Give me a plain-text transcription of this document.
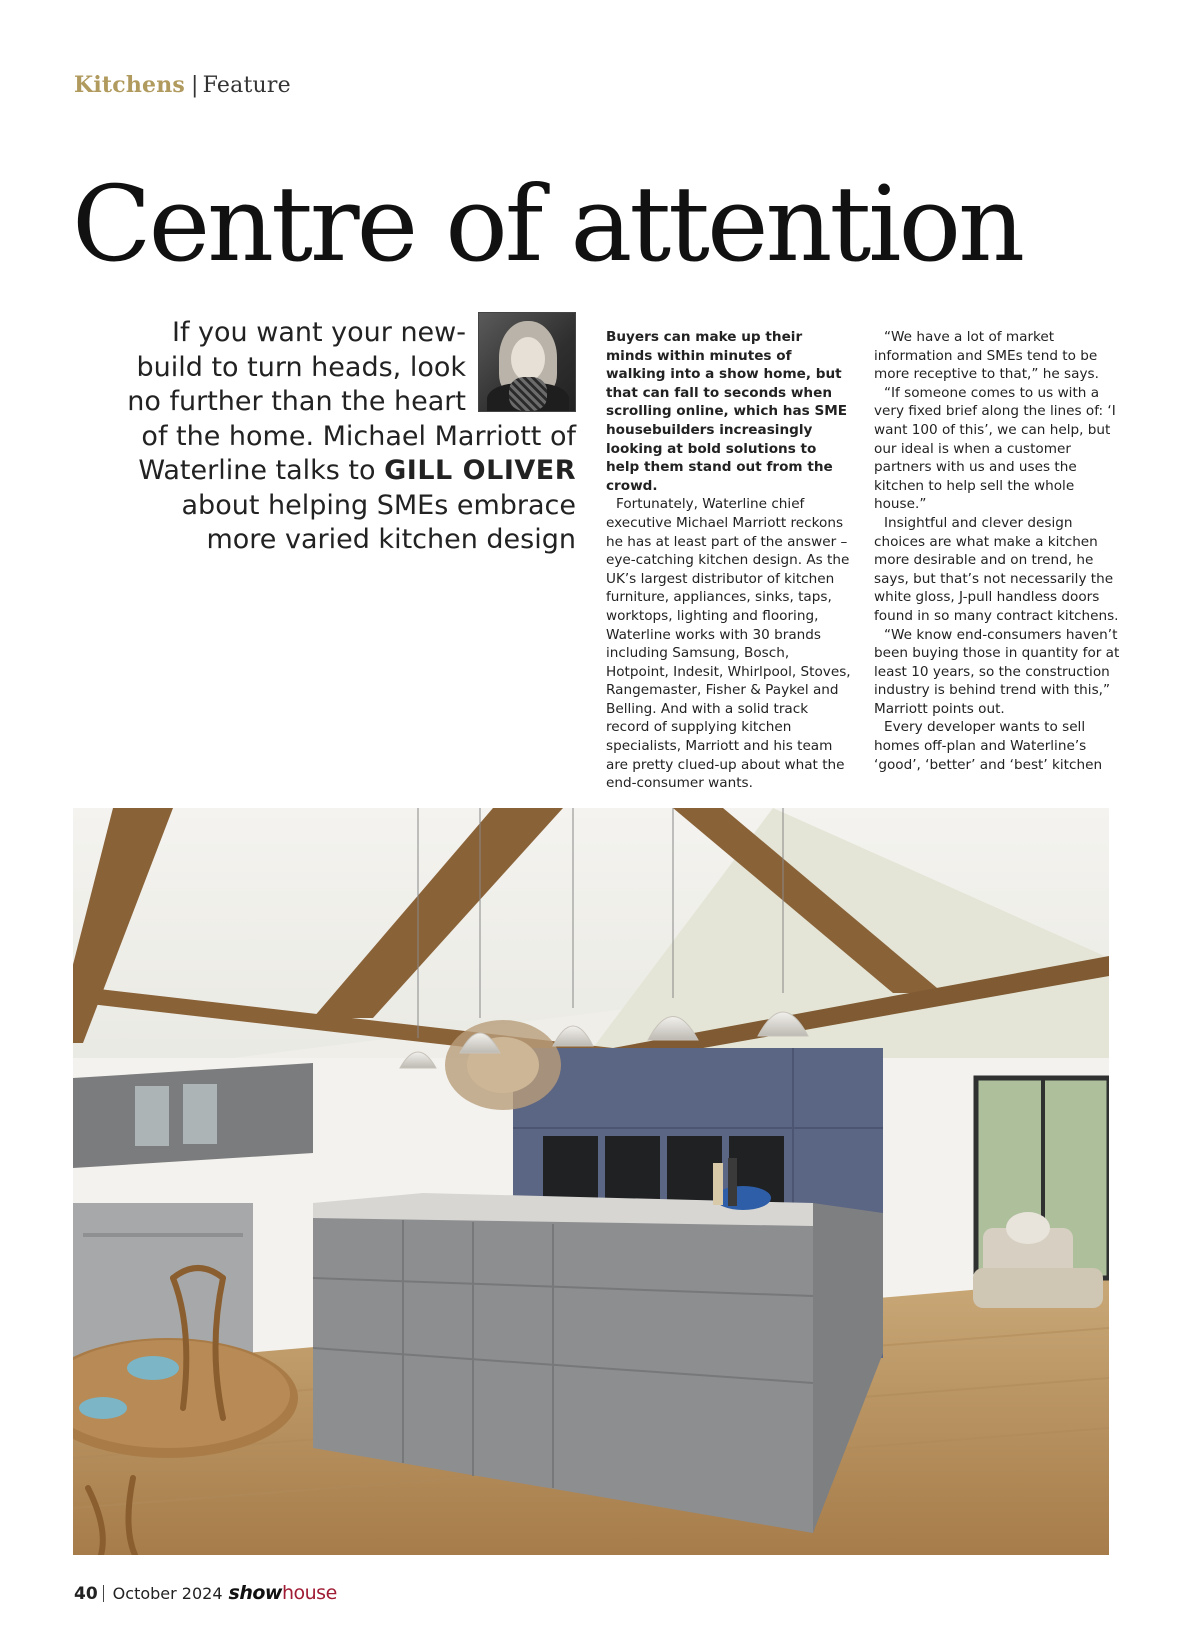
Kitchens | Feature
Centre of attention
If you want your new-build to turn heads, look no further than the heart of the home. Michael Marriott of Waterline talks to GILL OLIVER about helping SMEs embrace more varied kitchen design

Buyers can make up their minds within minutes of walking into a show home, but that can fall to seconds when scrolling online, which has SME housebuilders increasingly looking at bold solutions to help them stand out from the crowd.

Fortunately, Waterline chief executive Michael Marriott reckons he has at least part of the answer – eye-catching kitchen design. As the UK’s largest distributor of kitchen furniture, appliances, sinks, taps, worktops, lighting and flooring, Waterline works with 30 brands including Samsung, Bosch, Hotpoint, Indesit, Whirlpool, Stoves, Rangemaster, Fisher & Paykel and Belling. And with a solid track record of supplying kitchen specialists, Marriott and his team are pretty clued-up about what the end-consumer wants.

“We have a lot of market information and SMEs tend to be more receptive to that,” he says.

“If someone comes to us with a very fixed brief along the lines of: ‘I want 100 of this’, we can help, but our ideal is when a customer partners with us and uses the kitchen to help sell the whole house.”

Insightful and clever design choices are what make a kitchen more desirable and on trend, he says, but that’s not necessarily the white gloss, J-pull handless doors found in so many contract kitchens.

“We know end-consumers haven’t been buying those in quantity for at least 10 years, so the construction industry is behind trend with this,” Marriott points out.

Every developer wants to sell homes off-plan and Waterline’s ‘good’, ‘better’ and ‘best’ kitchen

40 October 2024 showhouse
